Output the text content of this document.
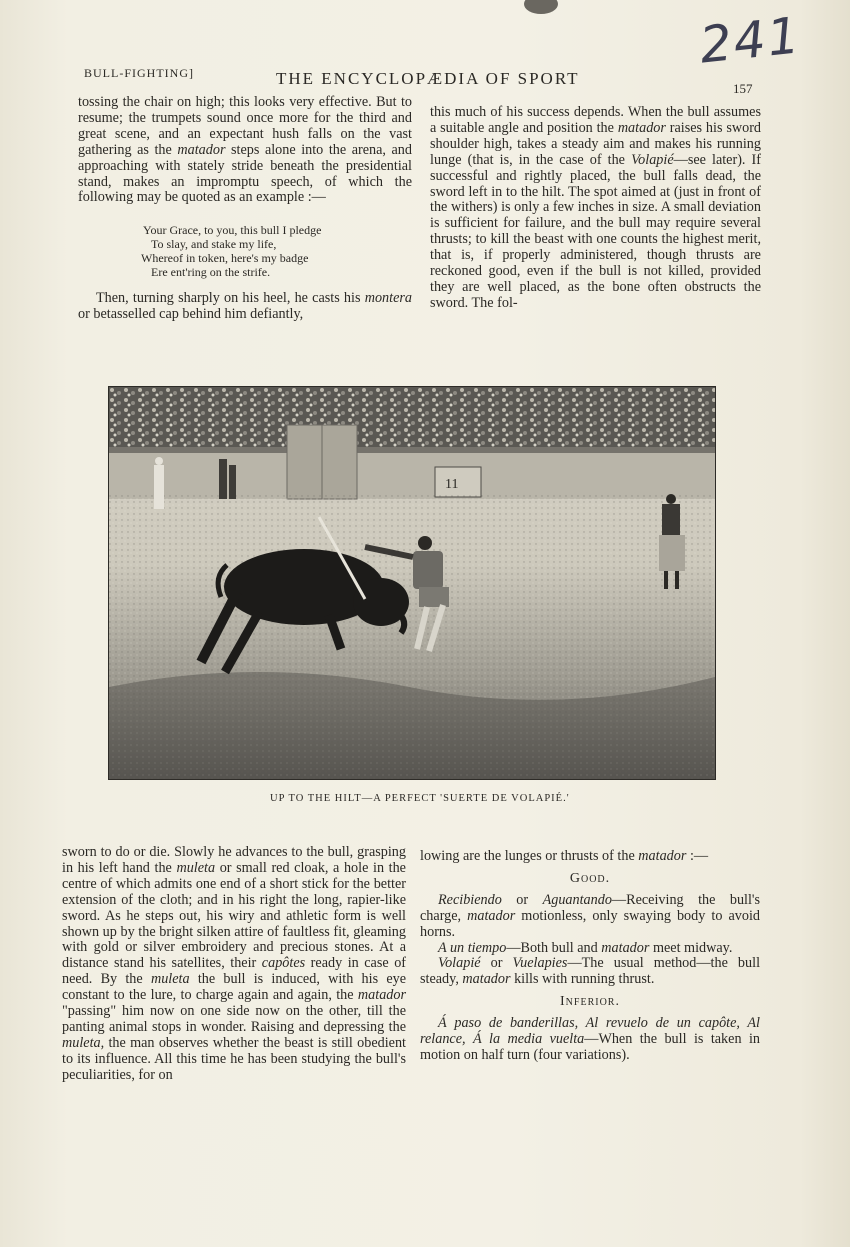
241
BULL-FIGHTING]	THE ENCYCLOPÆDIA OF SPORT
157

tossing the chair on high; this looks very effective. But to resume; the trumpets sound once more for the third and great scene, and an expectant hush falls on the vast gathering as the matador steps alone into the arena, and approaching with stately stride beneath the presidential stand, makes an impromptu speech, of which the following may be quoted as an example :—

Your Grace, to you, this bull I pledge
To slay, and stake my life,
Whereof in token, here's my badge
Ere ent'ring on the strife.

Then, turning sharply on his heel, he casts his montera or betasselled cap behind him defiantly,

this much of his success depends. When the bull assumes a suitable angle and position the matador raises his sword shoulder high, takes a steady aim and makes his running lunge (that is, in the case of the Volapié—see later). If successful and rightly placed, the bull falls dead, the sword left in to the hilt. The spot aimed at (just in front of the withers) is only a few inches in size. A small deviation is sufficient for failure, and the bull may require several thrusts; to kill the beast with one counts the highest merit, that is, if properly administered, though thrusts are reckoned good, even if the bull is not killed, provided they are well placed, as the bone often obstructs the sword. The fol-

11
UP TO THE HILT—A PERFECT 'SUERTE DE VOLAPIÉ.'

sworn to do or die. Slowly he advances to the bull, grasping in his left hand the muleta or small red cloak, a hole in the centre of which admits one end of a short stick for the better extension of the cloth; and in his right the long, rapier-like sword. As he steps out, his wiry and athletic form is well shown up by the bright silken attire of faultless fit, gleaming with gold or silver embroidery and precious stones. At a distance stand his satellites, their capôtes ready in case of need. By the muleta the bull is induced, with his eye constant to the lure, to charge again and again, the matador "passing" him now on one side now on the other, till the panting animal stops in wonder. Raising and depressing the muleta, the man observes whether the beast is still obedient to its influence. All this time he has been studying the bull's peculiarities, for on

lowing are the lunges or thrusts of the matador :—

Good.

Recibiendo or Aguantando—Receiving the bull's charge, matador motionless, only swaying body to avoid horns.

A un tiempo—Both bull and matador meet midway.

Volapié or Vuelapies—The usual method—the bull steady, matador kills with running thrust.

Inferior.

Á paso de banderillas, Al revuelo de un capôte, Al relance, Á la media vuelta—When the bull is taken in motion on half turn (four variations).
